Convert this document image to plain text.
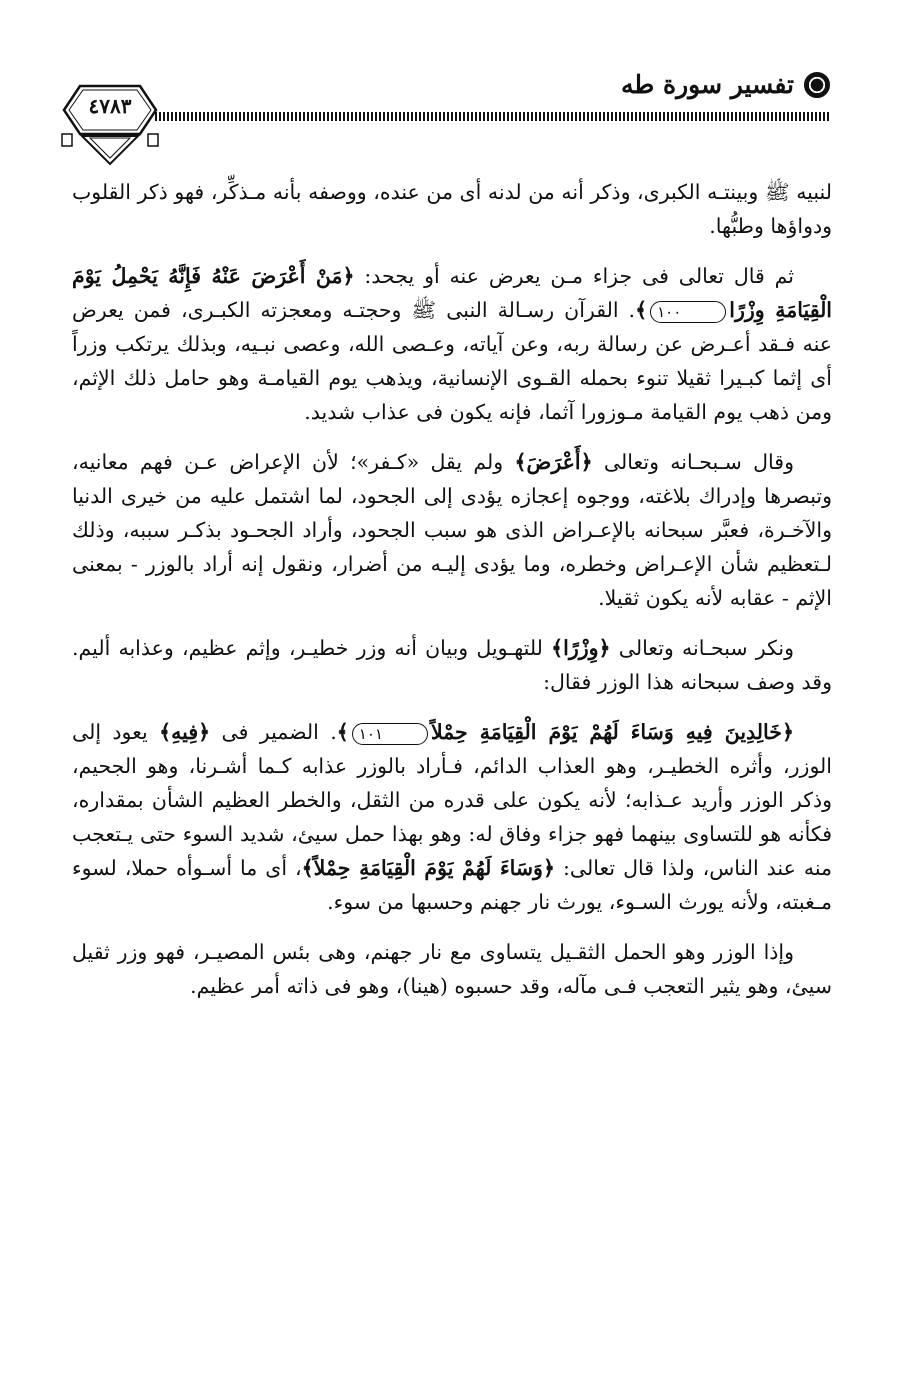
تفسير سورة طه
٤٧٨٣

لنبيه ﷺ وبينتـه الكبرى، وذكر أنه من لدنه أى من عنده، ووصفه بأنه مـذكِّر، فهو ذكر القلوب ودواؤها وطبُّها.

ثم قال تعالى فى جزاء مـن يعرض عنه أو يجحد: ﴿مَنْ أَعْرَضَ عَنْهُ فَإِنَّهُ يَحْمِلُ يَوْمَ الْقِيَامَةِ وِزْرًا١٠٠﴾. القرآن رسـالة النبى ﷺ وحجتـه ومعجزته الكبـرى، فمن يعرض عنه فـقد أعـرض عن رسالة ربه، وعن آياته، وعـصى الله، وعصى نبـيه، وبذلك يرتكب وزراً أى إثما كبـيرا ثقيلا تنوء بحمله القـوى الإنسانية، ويذهب يوم القيامـة وهو حامل ذلك الإثم، ومن ذهب يوم القيامة مـوزورا آثما، فإنه يكون فى عذاب شديد.

وقال سـبحـانه وتعالى ﴿أَعْرَضَ﴾ ولم يقل «كـفر»؛ لأن الإعراض عـن فهم معانيه، وتبصرها وإدراك بلاغته، ووجوه إعجازه يؤدى إلى الجحود، لما اشتمل عليه من خيرى الدنيا والآخـرة، فعبَّر سبحانه بالإعـراض الذى هو سبب الجحود، وأراد الجحـود بذكـر سببه، وذلك لـتعظيم شأن الإعـراض وخطره، وما يؤدى إليـه من أضرار، ونقول إنه أراد بالوزر - بمعنى الإثم - عقابه لأنه يكون ثقيلا.

ونكر سبحـانه وتعالى ﴿وِزْرًا﴾ للتهـويل وبيان أنه وزر خطيـر، وإثم عظيم، وعذابه أليم. وقد وصف سبحانه هذا الوزر فقال:

﴿خَالِدِينَ فِيهِ وَسَاءَ لَهُمْ يَوْمَ الْقِيَامَةِ حِمْلاً١٠١﴾. الضمير فى ﴿فِيهِ﴾ يعود إلى الوزر، وأثره الخطيـر، وهو العذاب الدائم، فـأراد بالوزر عذابه كـما أشـرنا، وهو الجحيم، وذكر الوزر وأريد عـذابه؛ لأنه يكون على قدره من الثقل، والخطر العظيم الشأن بمقداره، فكأنه هو للتساوى بينهما فهو جزاء وفاق له: وهو بهذا حمل سيئ، شديد السوء حتى يـتعجب منه عند الناس، ولذا قال تعالى: ﴿وَسَاءَ لَهُمْ يَوْمَ الْقِيَامَةِ حِمْلاً﴾، أى ما أسـوأه حملا، لسوء مـغبته، ولأنه يورث السـوء، يورث نار جهنم وحسبها من سوء.

وإذا الوزر وهو الحمل الثقـيل يتساوى مع نار جهنم، وهى بئس المصيـر، فهو وزر ثقيل سيئ، وهو يثير التعجب فـى مآله، وقد حسبوه (هينا)، وهو فى ذاته أمر عظيم.
